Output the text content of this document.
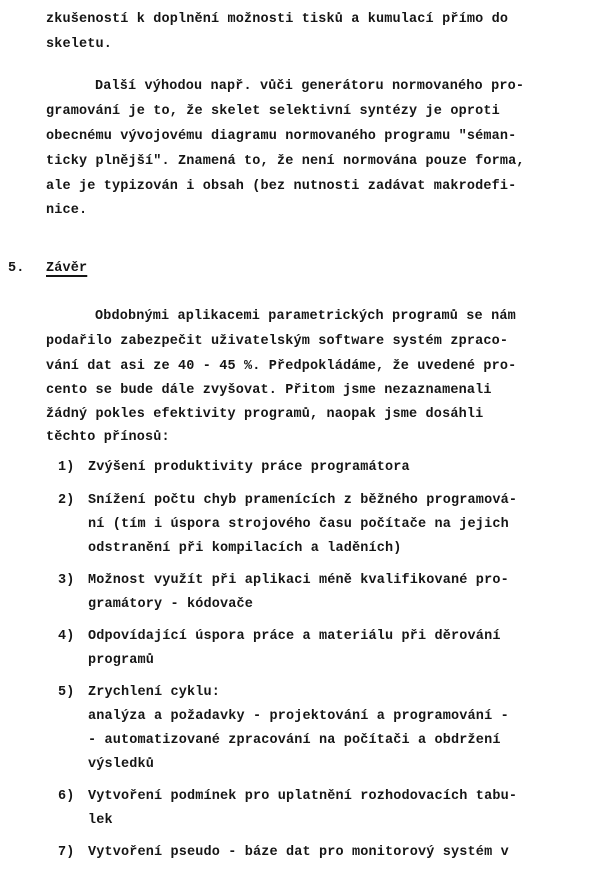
zkušeností k doplnění možnosti tisků a kumulací přímo do

skeletu.

Další výhodou např. vůči generátoru normovaného pro-

gramování je to, že skelet selektivní syntézy je oproti

obecnému vývojovému diagramu normovaného programu "séman-

ticky plnější". Znamená to, že není normována pouze forma,

ale je typizován i obsah (bez nutnosti zadávat makrodefi-

nice.

5. Závěr

Obdobnými aplikacemi parametrických programů se nám

podařilo zabezpečit uživatelským software systém zpraco-

vání dat asi ze 40 - 45 %. Předpokládáme, že uvedené pro-

cento se bude dále zvyšovat. Přitom jsme nezaznamenali

žádný pokles efektivity programů, naopak jsme dosáhli

těchto přínosů:

1) Zvýšení produktivity práce programátora

2) Snížení počtu chyb pramenících z běžného programová-

ní (tím i úspora strojového času počítače na jejich

odstranění při kompilacích a laděních)

3) Možnost využít při aplikaci méně kvalifikované pro-

gramátory - kódovače

4) Odpovídající úspora práce a materiálu při děrování

programů

5) Zrychlení cyklu:

analýza a požadavky - projektování a programování -

- automatizované zpracování na počítači a obdržení

výsledků

6) Vytvoření podmínek pro uplatnění rozhodovacích tabu-

lek

7) Vytvoření pseudo - báze dat pro monitorový systém v
